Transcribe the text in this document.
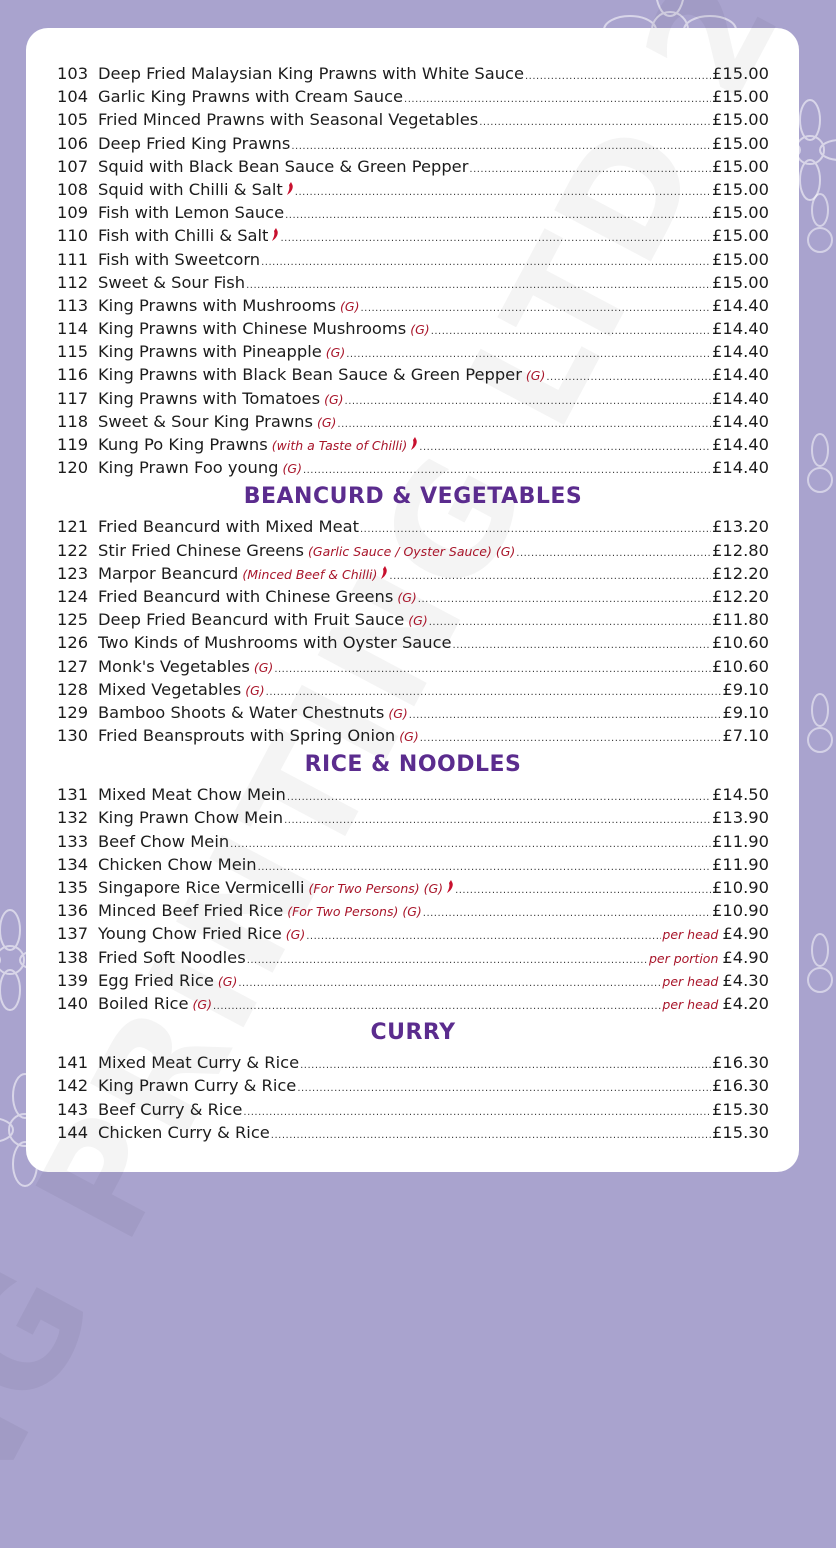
103 Deep Fried Malaysian King Prawns with White Sauce .....	£15.00
104 Garlic King Prawns with Cream Sauce .....	£15.00
105 Fried Minced Prawns with Seasonal Vegetables .....	£15.00
106 Deep Fried King Prawns .....	£15.00
107 Squid with Black Bean Sauce & Green Pepper .....	£15.00
108 Squid with Chilli & Salt .....	£15.00
109 Fish with Lemon Sauce .....	£15.00
110 Fish with Chilli & Salt .....	£15.00
111 Fish with Sweetcorn .....	£15.00
112 Sweet & Sour Fish .....	£15.00
113 King Prawns with Mushrooms (G) .....	£14.40
114 King Prawns with Chinese Mushrooms (G) .....	£14.40
115 King Prawns with Pineapple (G) .....	£14.40
116 King Prawns with Black Bean Sauce & Green Pepper (G) .....	£14.40
117 King Prawns with Tomatoes (G) .....	£14.40
118 Sweet & Sour King Prawns (G) .....	£14.40
119 Kung Po King Prawns (with a Taste of Chilli) .....	£14.40
120 King Prawn Foo young (G) .....	£14.40
BEANCURD & VEGETABLES
121 Fried Beancurd with Mixed Meat .....	£13.20
122 Stir Fried Chinese Greens (Garlic Sauce / Oyster Sauce) (G) .....	£12.80
123 Marpor Beancurd (Minced Beef & Chilli) .....	£12.20
124 Fried Beancurd with Chinese Greens (G) .....	£12.20
125 Deep Fried Beancurd with Fruit Sauce (G) .....	£11.80
126 Two Kinds of Mushrooms with Oyster Sauce .....	£10.60
127 Monk's Vegetables (G) .....	£10.60
128 Mixed Vegetables (G) .....	£9.10
129 Bamboo Shoots & Water Chestnuts (G) .....	£9.10
130 Fried Beansprouts with Spring Onion (G) .....	£7.10
RICE & NOODLES
131 Mixed Meat Chow Mein .....	£14.50
132 King Prawn Chow Mein .....	£13.90
133 Beef Chow Mein .....	£11.90
134 Chicken Chow Mein .....	£11.90
135 Singapore Rice Vermicelli (For Two Persons) (G) .....	£10.90
136 Minced Beef Fried Rice (For Two Persons) (G) .....	£10.90
137 Young Chow Fried Rice (G) .....	per head £4.90
138 Fried Soft Noodles .....	per portion £4.90
139 Egg Fried Rice (G) .....	per head £4.30
140 Boiled Rice (G) .....	per head £4.20
CURRY
141 Mixed Meat Curry & Rice .....	£16.30
142 King Prawn Curry & Rice .....	£16.30
143 Beef Curry & Rice .....	£15.30
144 Chicken Curry & Rice .....	£15.30
